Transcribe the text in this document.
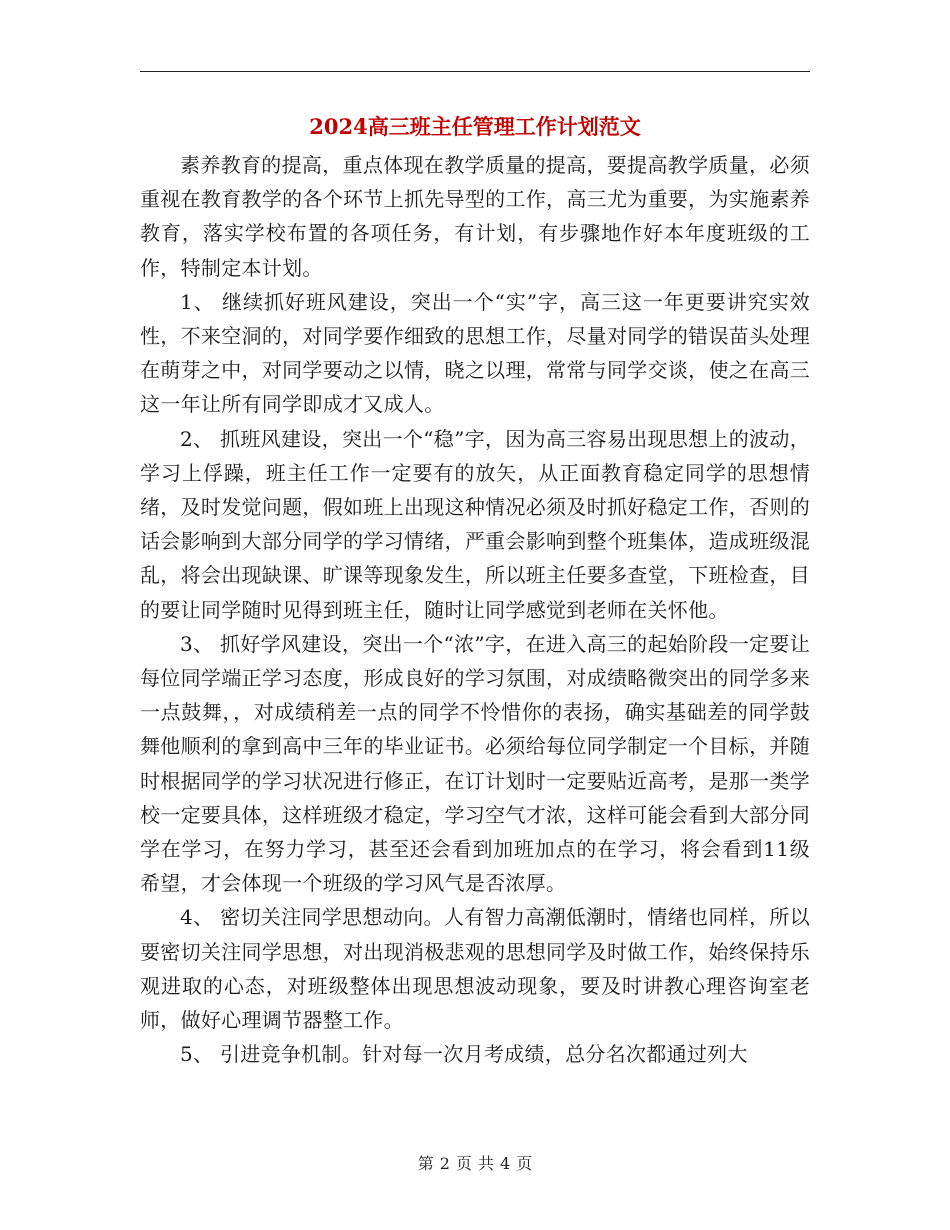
2024高三班主任管理工作计划范文

素养教育的提高，重点体现在教学质量的提高，要提高教学质量，必须重视在教育教学的各个环节上抓先导型的工作，高三尤为重要，为实施素养教育，落实学校布置的各项任务，有计划，有步骤地作好本年度班级的工作，特制定本计划。

1、 继续抓好班风建设，突出一个“实”字，高三这一年更要讲究实效性，不来空洞的，对同学要作细致的思想工作，尽量对同学的错误苗头处理在萌芽之中，对同学要动之以情，晓之以理，常常与同学交谈，使之在高三这一年让所有同学即成才又成人。

2、 抓班风建设，突出一个“稳”字，因为高三容易出现思想上的波动，学习上俘躁，班主任工作一定要有的放矢，从正面教育稳定同学的思想情绪，及时发觉问题，假如班上出现这种情况必须及时抓好稳定工作，否则的话会影响到大部分同学的学习情绪，严重会影响到整个班集体，造成班级混乱，将会出现缺课、旷课等现象发生，所以班主任要多查堂，下班检查，目的要让同学随时见得到班主任，随时让同学感觉到老师在关怀他。

3、 抓好学风建设，突出一个“浓”字，在进入高三的起始阶段一定要让每位同学端正学习态度，形成良好的学习氛围，对成绩略微突出的同学多来一点鼓舞，，对成绩稍差一点的同学不怜惜你的表扬，确实基础差的同学鼓舞他顺利的拿到高中三年的毕业证书。必须给每位同学制定一个目标，并随时根据同学的学习状况进行修正，在订计划时一定要贴近高考，是那一类学校一定要具体，这样班级才稳定，学习空气才浓，这样可能会看到大部分同学在学习，在努力学习，甚至还会看到加班加点的在学习，将会看到11级希望，才会体现一个班级的学习风气是否浓厚。

4、 密切关注同学思想动向。人有智力高潮低潮时，情绪也同样，所以要密切关注同学思想，对出现消极悲观的思想同学及时做工作，始终保持乐观进取的心态，对班级整体出现思想波动现象，要及时讲教心理咨询室老师，做好心理调节器整工作。

5、 引进竞争机制。针对每一次月考成绩，总分名次都通过列大

第 2 页 共 4 页
